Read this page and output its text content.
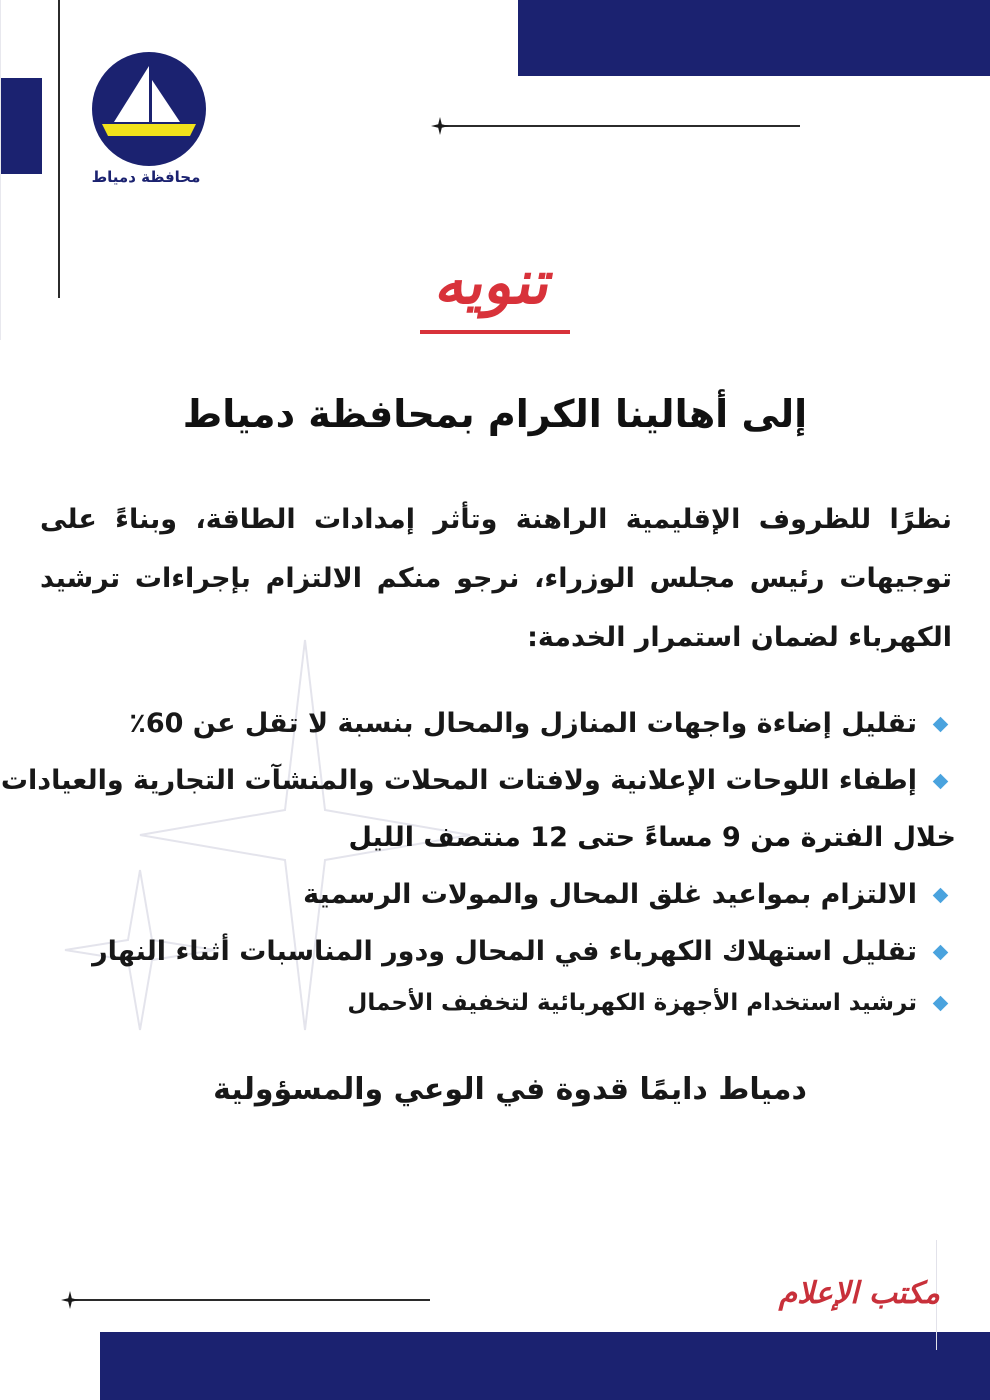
محافظة دمياط
تنويه
إلى أهالينا الكرام بمحافظة دمياط
نظرًا للظروف الإقليمية الراهنة وتأثر إمدادات الطاقة، وبناءً على توجيهات رئيس مجلس الوزراء، نرجو منكم الالتزام بإجراءات ترشيد الكهرباء لضمان استمرار الخدمة:
تقليل إضاءة واجهات المنازل والمحال بنسبة لا تقل عن 60٪
إطفاء اللوحات الإعلانية ولافتات المحلات والمنشآت التجارية والعيادات
خلال الفترة من 9 مساءً حتى 12 منتصف الليل
الالتزام بمواعيد غلق المحال والمولات الرسمية
تقليل استهلاك الكهرباء في المحال ودور المناسبات أثناء النهار
ترشيد استخدام الأجهزة الكهربائية لتخفيف الأحمال
دمياط دايمًا قدوة في الوعي والمسؤولية
مكتب الإعلام
